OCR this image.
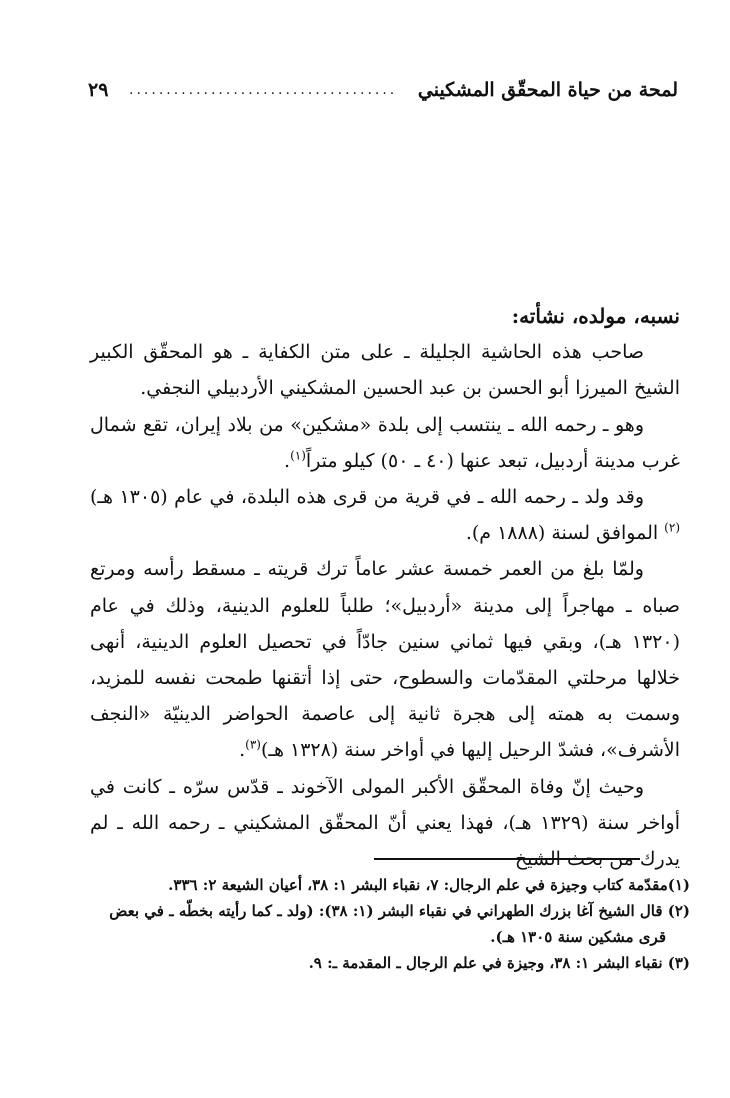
لمحة من حياة المحقّق المشكيني
....................................
٢٩

نسبه، مولده، نشأته:

صاحب هذه الحاشية الجليلة ـ على متن الكفاية ـ هو المحقّق الكبير الشيخ الميرزا أبو الحسن بن عبد الحسين المشكيني الأردبيلي النجفي.

وهو ـ رحمه الله ـ ينتسب إلى بلدة «مشكين» من بلاد إيران، تقع شمال غرب مدينة أردبيل، تبعد عنها (٤٠ ـ ٥٠) كيلو متراً$^{(١)}$.

وقد ولد ـ رحمه الله ـ في قرية من قرى هذه البلدة، في عام (١٣٠٥ هـ)$^{(٢)}$ الموافق لسنة (١٨٨٨ م).

ولمّا بلغ من العمر خمسة عشر عاماً ترك قريته ـ مسقط رأسه ومرتع صباه ـ مهاجراً إلى مدينة «أردبيل»؛ طلباً للعلوم الدينية، وذلك في عام (١٣٢٠ هـ)، وبقي فيها ثماني سنين جادّاً في تحصيل العلوم الدينية، أنهى خلالها مرحلتي المقدّمات والسطوح، حتى إذا أتقنها طمحت نفسه للمزيد، وسمت به همته إلى هجرة ثانية إلى عاصمة الحواضر الدينيّة «النجف الأشرف»، فشدّ الرحيل إليها في أواخر سنة (١٣٢٨ هـ)$^{(٣)}$.

وحيث إنّ وفاة المحقّق الأكبر المولى الآخوند ـ قدّس سرّه ـ كانت في أواخر سنة (١٣٢٩ هـ)، فهذا يعني أنّ المحقّق المشكيني ـ رحمه الله ـ لم يدرك من بحث الشيخ

(١)مقدّمة كتاب وجيزة في علم الرجال: ٧، نقباء البشر ١: ٣٨، أعيان الشيعة ٢: ٣٣٦.

(٢) قال الشيخ آغا بزرك الطهراني في نقباء البشر (١: ٣٨): (ولد ـ كما رأيته بخطّه ـ في بعض

قرى مشكين سنة ١٣٠٥ هـ).

(٣) نقباء البشر ١: ٣٨، وجيزة في علم الرجال ـ المقدمة ـ: ٩.
